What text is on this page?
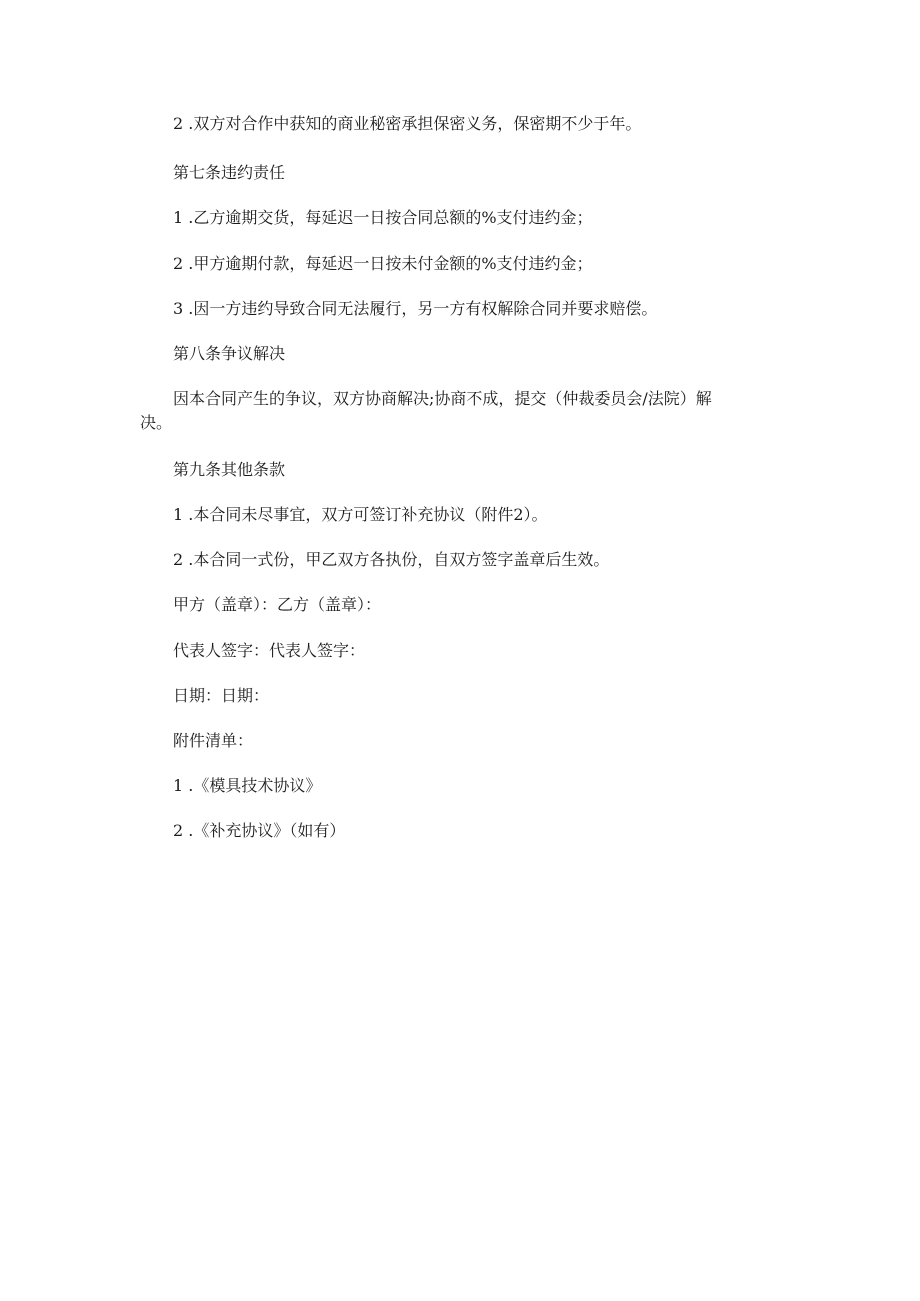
2 .双方对合作中获知的商业秘密承担保密义务，保密期不少于年。
第七条违约责任
1 .乙方逾期交货，每延迟一日按合同总额的%支付违约金；
2 .甲方逾期付款，每延迟一日按未付金额的%支付违约金；
3 .因一方违约导致合同无法履行，另一方有权解除合同并要求赔偿。
第八条争议解决
因本合同产生的争议，双方协商解决;协商不成，提交（仲裁委员会/法院）解
决。
第九条其他条款
1 .本合同未尽事宜，双方可签订补充协议（附件2）。
2 .本合同一式份，甲乙双方各执份，自双方签字盖章后生效。
甲方（盖章）：乙方（盖章）：
代表人签字：代表人签字：
日期：日期：
附件清单：
1 .《模具技术协议》
2 .《补充协议》（如有）
